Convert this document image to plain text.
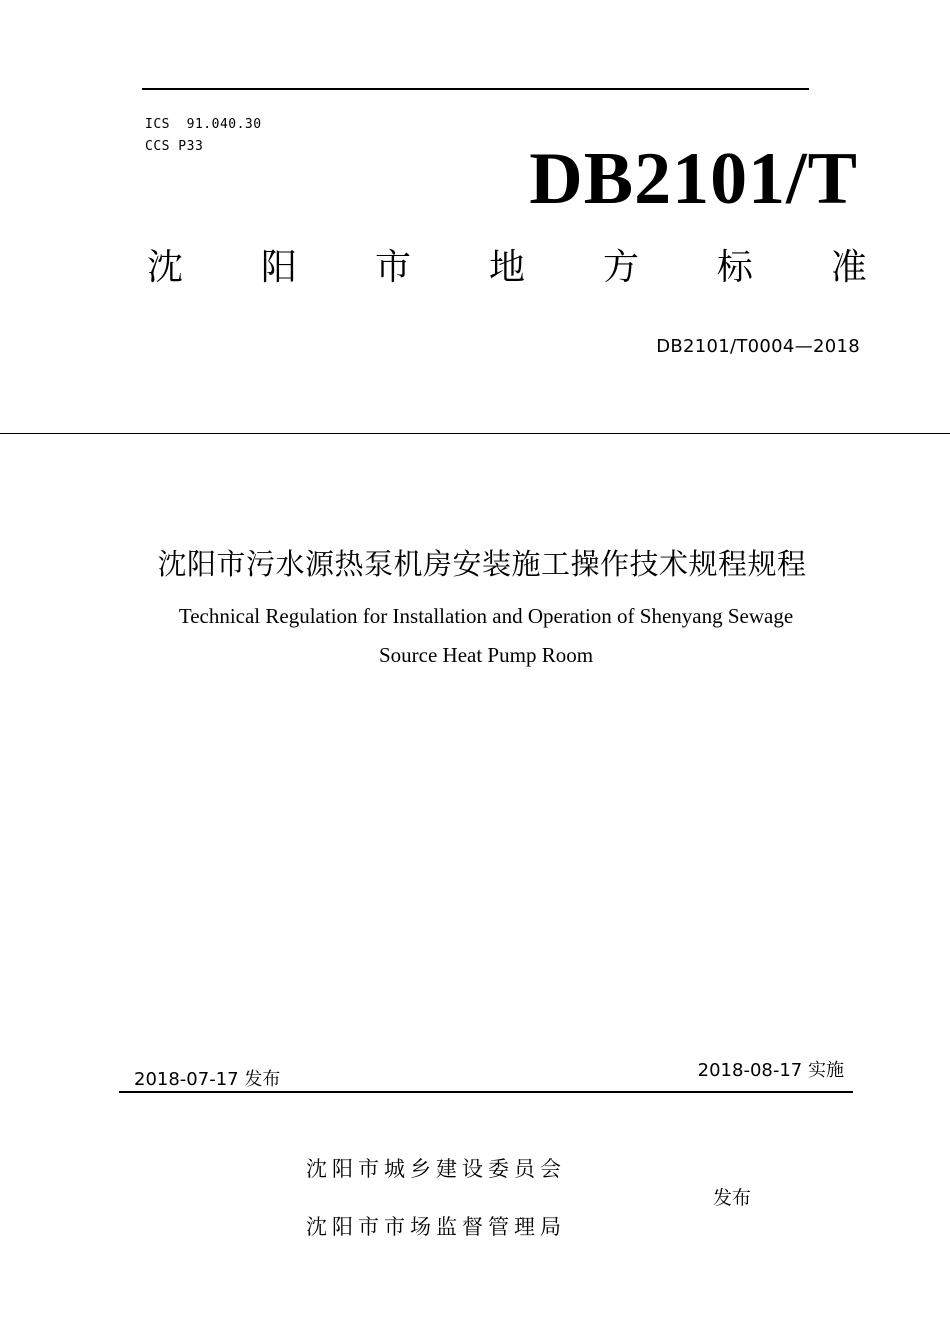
ICS  91.040.30
CCS P33	DB2101/T
沈 阳 市 地 方 标 准
DB2101/T0004—2018
沈阳市污水源热泵机房安装施工操作技术规程规程
Technical Regulation for Installation and Operation of Shenyang Sewage
Source Heat Pump Room
2018-07-17 发布	2018-08-17 实施
沈阳市城乡建设委员会
沈阳市市场监督管理局
发布
